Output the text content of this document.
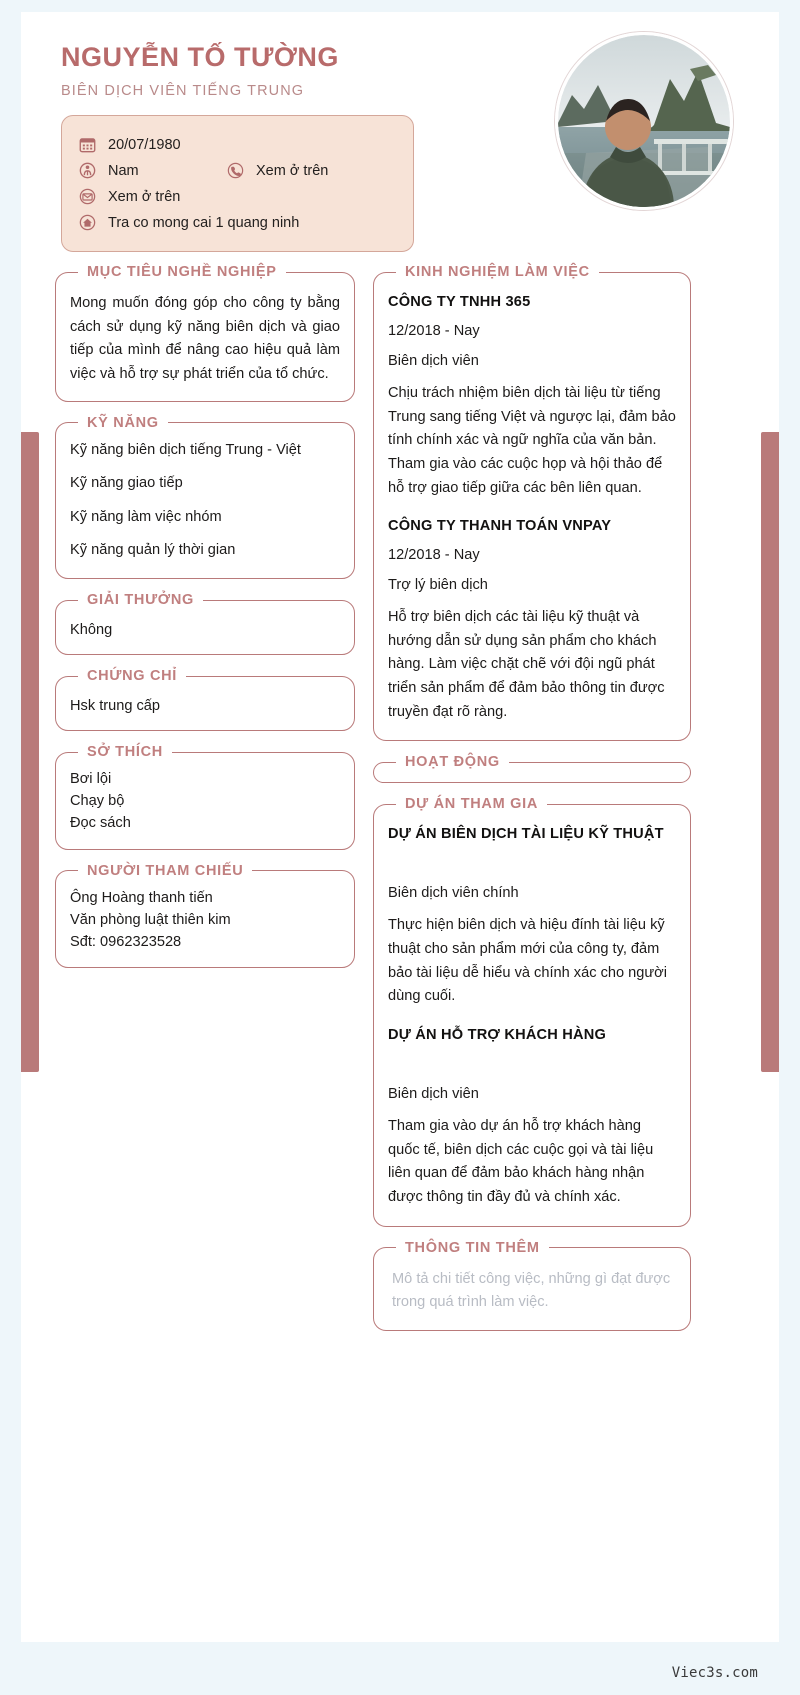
NGUYỄN TỐ TƯỜNG
BIÊN DỊCH VIÊN TIẾNG TRUNG
20/07/1980
Nam	Xem ở trên
Xem ở trên
Tra co mong cai 1 quang ninh
MỤC TIÊU NGHỀ NGHIỆP

Mong muốn đóng góp cho công ty bằng cách sử dụng kỹ năng biên dịch và giao tiếp của mình để nâng cao hiệu quả làm việc và hỗ trợ sự phát triển của tổ chức.

KỸ NĂNG

Kỹ năng biên dịch tiếng Trung - Việt

Kỹ năng giao tiếp

Kỹ năng làm việc nhóm

Kỹ năng quản lý thời gian

GIẢI THƯỞNG

Không

CHỨNG CHỈ

Hsk trung cấp

SỞ THÍCH

Bơi lội

Chạy bộ

Đọc sách

NGƯỜI THAM CHIẾU

Ông Hoàng thanh tiến

Văn phòng luật thiên kim

Sđt: 0962323528

KINH NGHIỆM LÀM VIỆC
CÔNG TY TNHH 365
12/2018 - Nay
Biên dịch viên
Chịu trách nhiệm biên dịch tài liệu từ tiếng Trung sang tiếng Việt và ngược lại, đảm bảo tính chính xác và ngữ nghĩa của văn bản. Tham gia vào các cuộc họp và hội thảo để hỗ trợ giao tiếp giữa các bên liên quan.
CÔNG TY THANH TOÁN VNPAY
12/2018 - Nay
Trợ lý biên dịch
Hỗ trợ biên dịch các tài liệu kỹ thuật và hướng dẫn sử dụng sản phẩm cho khách hàng. Làm việc chặt chẽ với đội ngũ phát triển sản phẩm để đảm bảo thông tin được truyền đạt rõ ràng.
HOẠT ĐỘNG
DỰ ÁN THAM GIA
DỰ ÁN BIÊN DỊCH TÀI LIỆU KỸ THUẬT
Biên dịch viên chính
Thực hiện biên dịch và hiệu đính tài liệu kỹ thuật cho sản phẩm mới của công ty, đảm bảo tài liệu dễ hiểu và chính xác cho người dùng cuối.
DỰ ÁN HỖ TRỢ KHÁCH HÀNG
Biên dịch viên
Tham gia vào dự án hỗ trợ khách hàng quốc tế, biên dịch các cuộc gọi và tài liệu liên quan để đảm bảo khách hàng nhận được thông tin đầy đủ và chính xác.
THÔNG TIN THÊM

Mô tả chi tiết công việc, những gì đạt được trong quá trình làm việc.

Viec3s.com
